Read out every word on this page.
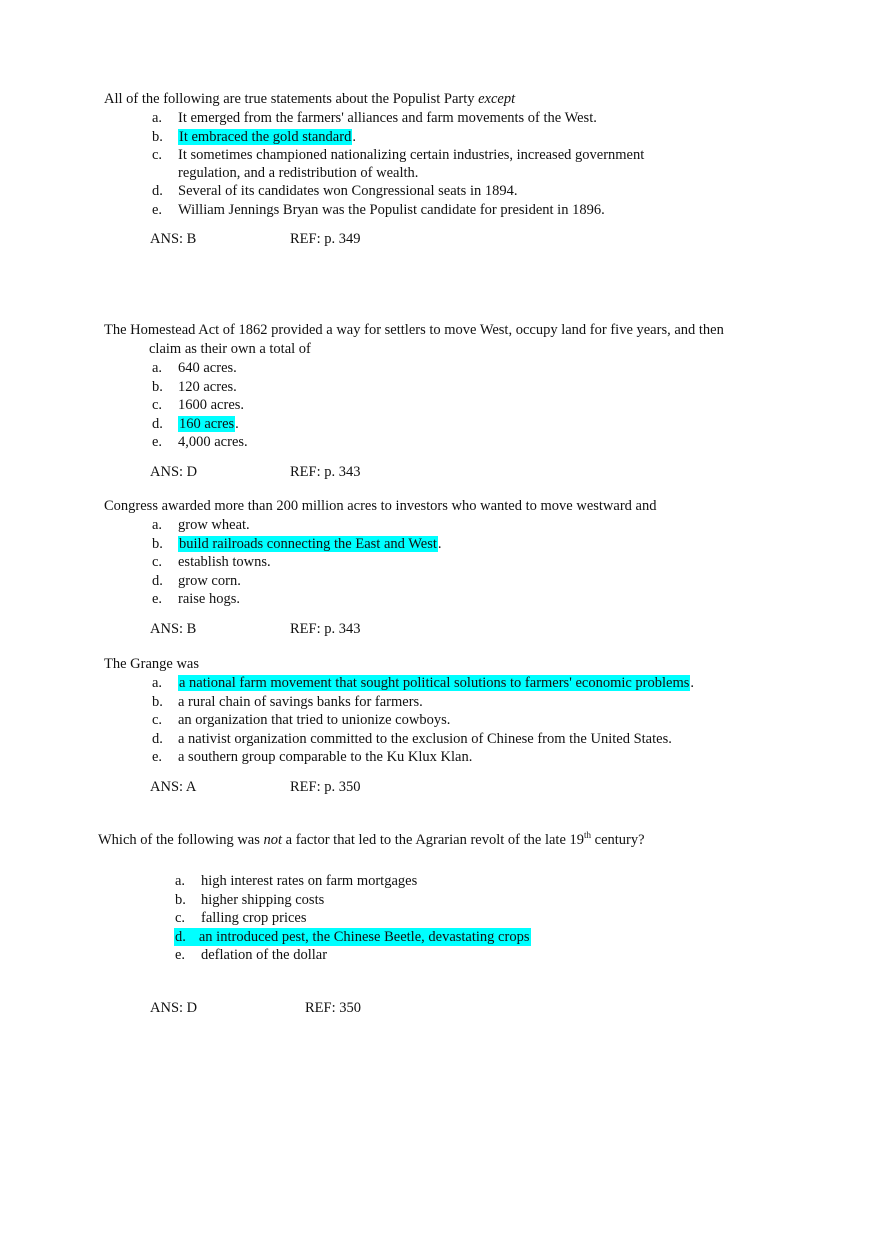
All of the following are true statements about the Populist Party except

a. It emerged from the farmers' alliances and farm movements of the West.
b. It embraced the gold standard.
c. It sometimes championed nationalizing certain industries, increased government
regulation, and a redistribution of wealth.
d. Several of its candidates won Congressional seats in 1894.
e. William Jennings Bryan was the Populist candidate for president in 1896.
ANS: B	REF: p. 349

The Homestead Act of 1862 provided a way for settlers to move West, occupy land for five years, and then
claim as their own a total of

a. 640 acres.
b. 120 acres.
c. 1600 acres.
d. 160 acres.
e. 4,000 acres.
ANS: D	REF: p. 343

Congress awarded more than 200 million acres to investors who wanted to move westward and

a. grow wheat.
b. build railroads connecting the East and West.
c. establish towns.
d. grow corn.
e. raise hogs.
ANS: B	REF: p. 343

The Grange was

a. a national farm movement that sought political solutions to farmers' economic problems.
b. a rural chain of savings banks for farmers.
c. an organization that tried to unionize cowboys.
d. a nativist organization committed to the exclusion of Chinese from the United States.
e. a southern group comparable to the Ku Klux Klan.
ANS: A	REF: p. 350

Which of the following was not a factor that led to the Agrarian revolt of the late 19th century?

a. high interest rates on farm mortgages
b. higher shipping costs
c. falling crop prices
d. an introduced pest, the Chinese Beetle, devastating crops
e. deflation of the dollar
ANS: D	REF: 350
